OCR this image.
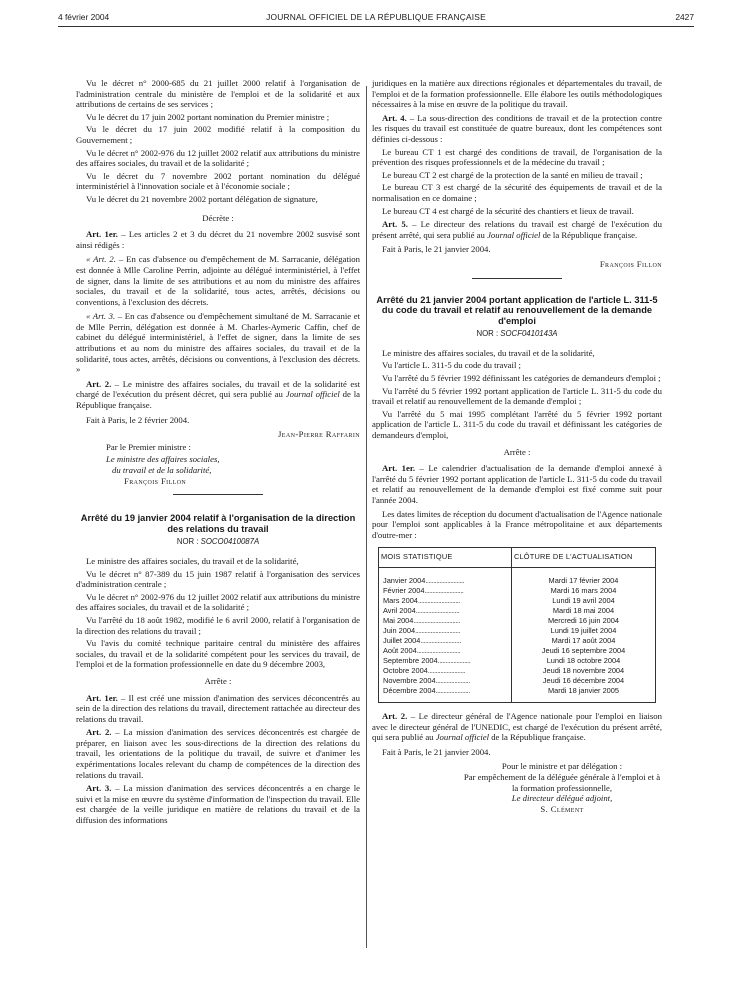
4 février 2004	JOURNAL OFFICIEL DE LA RÉPUBLIQUE FRANÇAISE	2427

Vu le décret n° 2000-685 du 21 juillet 2000 relatif à l'organisation de l'administration centrale du ministère de l'emploi et de la solidarité et aux attributions de certains de ses services ;

Vu le décret du 17 juin 2002 portant nomination du Premier ministre ;

Vu le décret du 17 juin 2002 modifié relatif à la composition du Gouvernement ;

Vu le décret n° 2002-976 du 12 juillet 2002 relatif aux attributions du ministre des affaires sociales, du travail et de la solidarité ;

Vu le décret du 7 novembre 2002 portant nomination du délégué interministériel à l'innovation sociale et à l'économie sociale ;

Vu le décret du 21 novembre 2002 portant délégation de signature,

Décrète :

Art. 1er. – Les articles 2 et 3 du décret du 21 novembre 2002 susvisé sont ainsi rédigés :

« Art. 2. – En cas d'absence ou d'empêchement de M. Sarracanie, délégation est donnée à Mlle Caroline Perrin, adjointe au délégué interministériel, à l'effet de signer, dans la limite de ses attributions et au nom du ministre des affaires sociales, du travail et de la solidarité, tous actes, arrêtés, décisions ou conventions, à l'exclusion des décrets.

« Art. 3. – En cas d'absence ou d'empêchement simultané de M. Sarracanie et de Mlle Perrin, délégation est donnée à M. Charles-Aymeric Caffin, chef de cabinet du délégué interministériel, à l'effet de signer, dans la limite de ses attributions et au nom du ministre des affaires sociales, du travail et de la solidarité, tous actes, arrêtés, décisions ou conventions, à l'exclusion des décrets. »

Art. 2. – Le ministre des affaires sociales, du travail et de la solidarité est chargé de l'exécution du présent décret, qui sera publié au Journal officiel de la République française.

Fait à Paris, le 2 février 2004.

Jean-Pierre Raffarin

Par le Premier ministre :

Le ministre des affaires sociales,

du travail et de la solidarité,

François Fillon

Arrêté du 19 janvier 2004 relatif à l'organisation de la direction des relations du travail
NOR : SOCO0410087A

Le ministre des affaires sociales, du travail et de la solidarité,

Vu le décret n° 87-389 du 15 juin 1987 relatif à l'organisation des services d'administration centrale ;

Vu le décret n° 2002-976 du 12 juillet 2002 relatif aux attributions du ministre des affaires sociales, du travail et de la solidarité ;

Vu l'arrêté du 18 août 1982, modifié le 6 avril 2000, relatif à l'organisation de la direction des relations du travail ;

Vu l'avis du comité technique paritaire central du ministère des affaires sociales, du travail et de la solidarité compétent pour les services du travail, de l'emploi et de la formation professionnelle en date du 9 décembre 2003,

Arrête :

Art. 1er. – Il est créé une mission d'animation des services déconcentrés au sein de la direction des relations du travail, directement rattachée au directeur des relations du travail.

Art. 2. – La mission d'animation des services déconcentrés est chargée de préparer, en liaison avec les sous-directions de la direction des relations du travail, les orientations de la politique du travail, de suivre et d'animer les expérimentations locales relevant du champ de compétences de la direction des relations du travail.

Art. 3. – La mission d'animation des services déconcentrés a en charge le suivi et la mise en œuvre du système d'information de l'inspection du travail. Elle est chargée de la veille juridique en matière de relations du travail et de la diffusion des informations

juridiques en la matière aux directions régionales et départementales du travail, de l'emploi et de la formation professionnelle. Elle élabore les outils méthodologiques nécessaires à la mise en œuvre de la politique du travail.

Art. 4. – La sous-direction des conditions de travail et de la protection contre les risques du travail est constituée de quatre bureaux, dont les compétences sont définies ci-dessous :

Le bureau CT 1 est chargé des conditions de travail, de l'organisation de la prévention des risques professionnels et de la médecine du travail ;

Le bureau CT 2 est chargé de la protection de la santé en milieu de travail ;

Le bureau CT 3 est chargé de la sécurité des équipements de travail et de la normalisation en ce domaine ;

Le bureau CT 4 est chargé de la sécurité des chantiers et lieux de travail.

Art. 5. – Le directeur des relations du travail est chargé de l'exécution du présent arrêté, qui sera publié au Journal officiel de la République française.

Fait à Paris, le 21 janvier 2004.

François Fillon

Arrêté du 21 janvier 2004 portant application de l'article L. 311-5 du code du travail et relatif au renouvellement de la demande d'emploi
NOR : SOCF0410143A

Le ministre des affaires sociales, du travail et de la solidarité,

Vu l'article L. 311-5 du code du travail ;

Vu l'arrêté du 5 février 1992 définissant les catégories de demandeurs d'emploi ;

Vu l'arrêté du 5 février 1992 portant application de l'article L. 311-5 du code du travail et relatif au renouvellement de la demande d'emploi ;

Vu l'arrêté du 5 mai 1995 complétant l'arrêté du 5 février 1992 portant application de l'article L. 311-5 du code du travail et définissant les catégories de demandeurs d'emploi,

Arrête :

Art. 1er. – Le calendrier d'actualisation de la demande d'emploi annexé à l'arrêté du 5 février 1992 portant application de l'article L. 311-5 du code du travail et relatif au renouvellement de la demande d'emploi est fixé comme suit pour l'année 2004.

Les dates limites de réception du document d'actualisation de l'Agence nationale pour l'emploi sont applicables à la France métropolitaine et aux départements d'outre-mer :

MOIS STATISTIQUE	CLÔTURE DE L'ACTUALISATION
Janvier 2004.........................	Mardi 17 février 2004
Février 2004.........................	Mardi 16 mars 2004
Mars 2004...........................	Lundi 19 avril 2004
Avril 2004............................	Mardi 18 mai 2004
Mai 2004..............................	Mercredi 16 juin 2004
Juin 2004.............................	Lundi 19 juillet 2004
Juillet 2004..........................	Mardi 17 août 2004
Août 2004............................	Jeudi 16 septembre 2004
Septembre 2004.....................	Lundi 18 octobre 2004
Octobre 2004........................	Jeudi 18 novembre 2004
Novembre 2004......................	Jeudi 16 décembre 2004
Décembre 2004......................	Mardi 18 janvier 2005

Art. 2. – Le directeur général de l'Agence nationale pour l'emploi en liaison avec le directeur général de l'UNEDIC, est chargé de l'exécution du présent arrêté, qui sera publié au Journal officiel de la République française.

Fait à Paris, le 21 janvier 2004.

Pour le ministre et par délégation :
Par empêchement de la déléguée générale à l'emploi et à la formation professionnelle,
Le directeur délégué adjoint,
S. Clément
